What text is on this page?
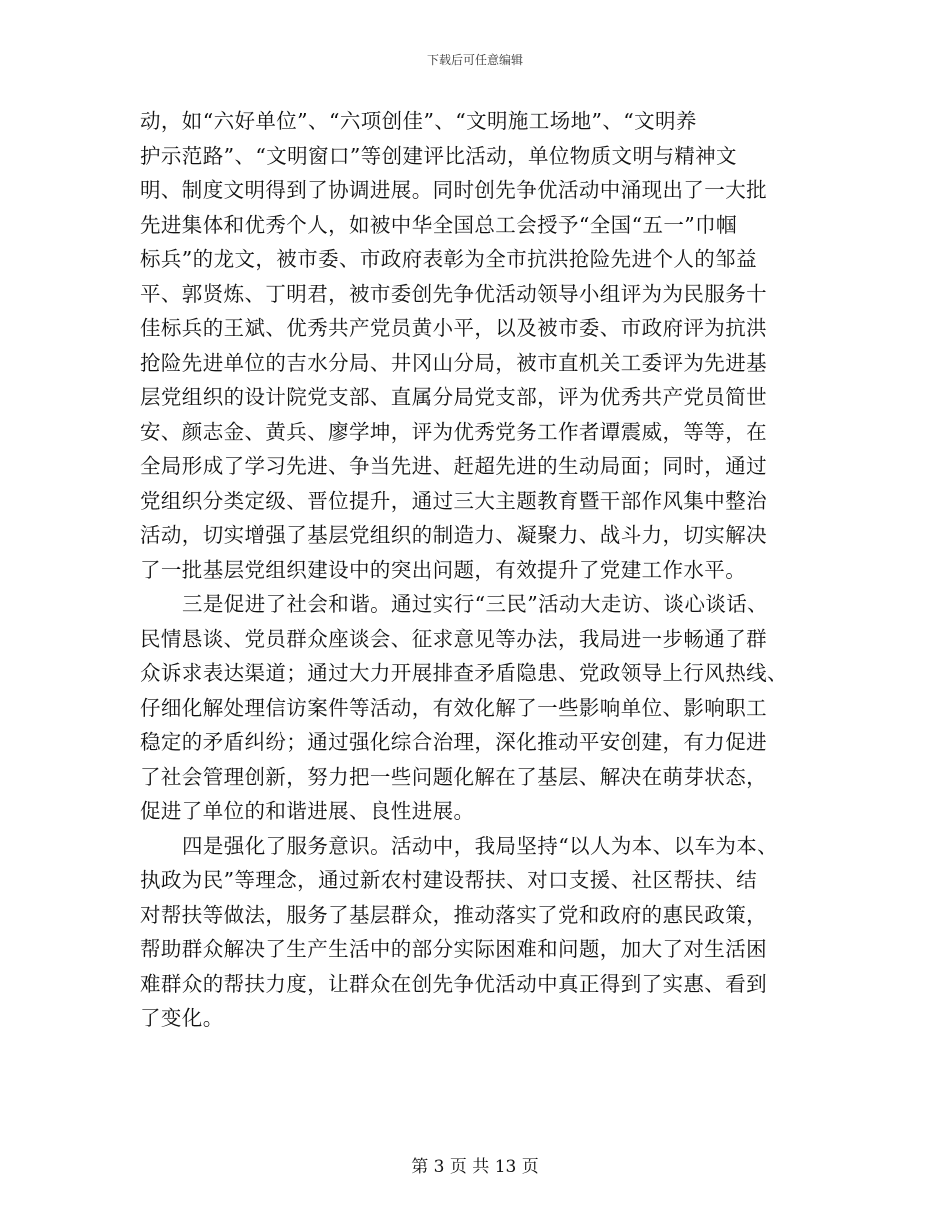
下载后可任意编辑
动，如“六好单位”、“六项创佳”、“文明施工场地”、“文明养
护示范路”、“文明窗口”等创建评比活动，单位物质文明与精神文
明、制度文明得到了协调进展。同时创先争优活动中涌现出了一大批
先进集体和优秀个人，如被中华全国总工会授予“全国“五一”巾帼
标兵”的龙文，被市委、市政府表彰为全市抗洪抢险先进个人的邹益
平、郭贤炼、丁明君，被市委创先争优活动领导小组评为为民服务十
佳标兵的王斌、优秀共产党员黄小平，以及被市委、市政府评为抗洪
抢险先进单位的吉水分局、井冈山分局，被市直机关工委评为先进基
层党组织的设计院党支部、直属分局党支部，评为优秀共产党员简世
安、颜志金、黄兵、廖学坤，评为优秀党务工作者谭震威，等等，在
全局形成了学习先进、争当先进、赶超先进的生动局面；同时，通过
党组织分类定级、晋位提升，通过三大主题教育暨干部作风集中整治
活动，切实增强了基层党组织的制造力、凝聚力、战斗力，切实解决
了一批基层党组织建设中的突出问题，有效提升了党建工作水平。
三是促进了社会和谐。通过实行“三民”活动大走访、谈心谈话、
民情恳谈、党员群众座谈会、征求意见等办法，我局进一步畅通了群
众诉求表达渠道；通过大力开展排查矛盾隐患、党政领导上行风热线、
仔细化解处理信访案件等活动，有效化解了一些影响单位、影响职工
稳定的矛盾纠纷；通过强化综合治理，深化推动平安创建，有力促进
了社会管理创新，努力把一些问题化解在了基层、解决在萌芽状态，
促进了单位的和谐进展、良性进展。
四是强化了服务意识。活动中，我局坚持“以人为本、以车为本、
执政为民”等理念，通过新农村建设帮扶、对口支援、社区帮扶、结
对帮扶等做法，服务了基层群众，推动落实了党和政府的惠民政策，
帮助群众解决了生产生活中的部分实际困难和问题，加大了对生活困
难群众的帮扶力度，让群众在创先争优活动中真正得到了实惠、看到
了变化。
第 3 页 共 13 页
